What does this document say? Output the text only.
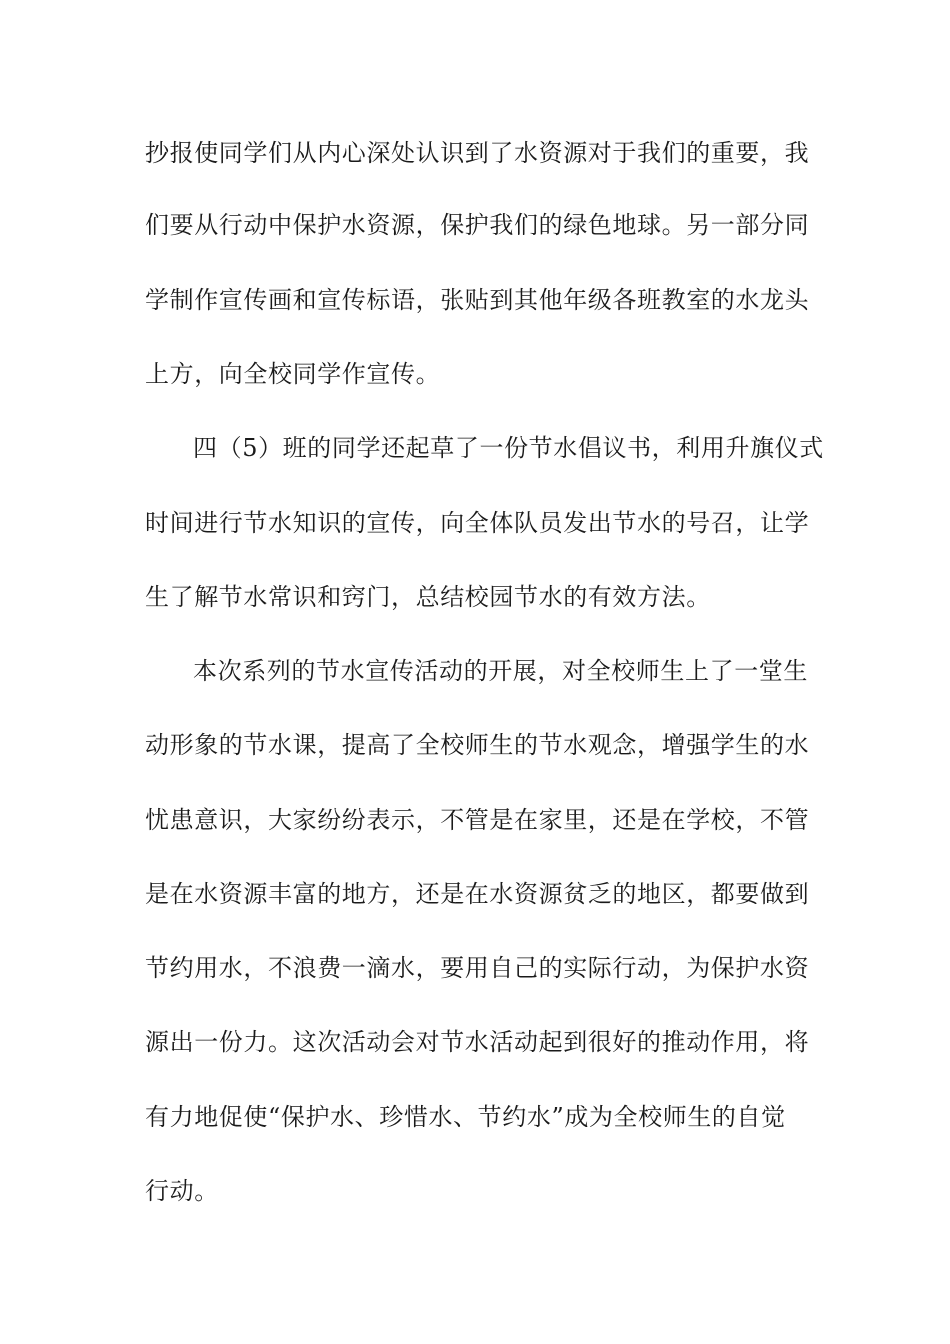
抄报使同学们从内心深处认识到了水资源对于我们的重要，我
们要从行动中保护水资源，保护我们的绿色地球。另一部分同
学制作宣传画和宣传标语，张贴到其他年级各班教室的水龙头
上方，向全校同学作宣传。
四（5）班的同学还起草了一份节水倡议书，利用升旗仪式
时间进行节水知识的宣传，向全体队员发出节水的号召，让学
生了解节水常识和窍门，总结校园节水的有效方法。
本次系列的节水宣传活动的开展，对全校师生上了一堂生
动形象的节水课，提高了全校师生的节水观念，增强学生的水
忧患意识，大家纷纷表示，不管是在家里，还是在学校，不管
是在水资源丰富的地方，还是在水资源贫乏的地区，都要做到
节约用水，不浪费一滴水，要用自己的实际行动，为保护水资
源出一份力。这次活动会对节水活动起到很好的推动作用，将
有力地促使“保护水、珍惜水、节约水”成为全校师生的自觉
行动。
